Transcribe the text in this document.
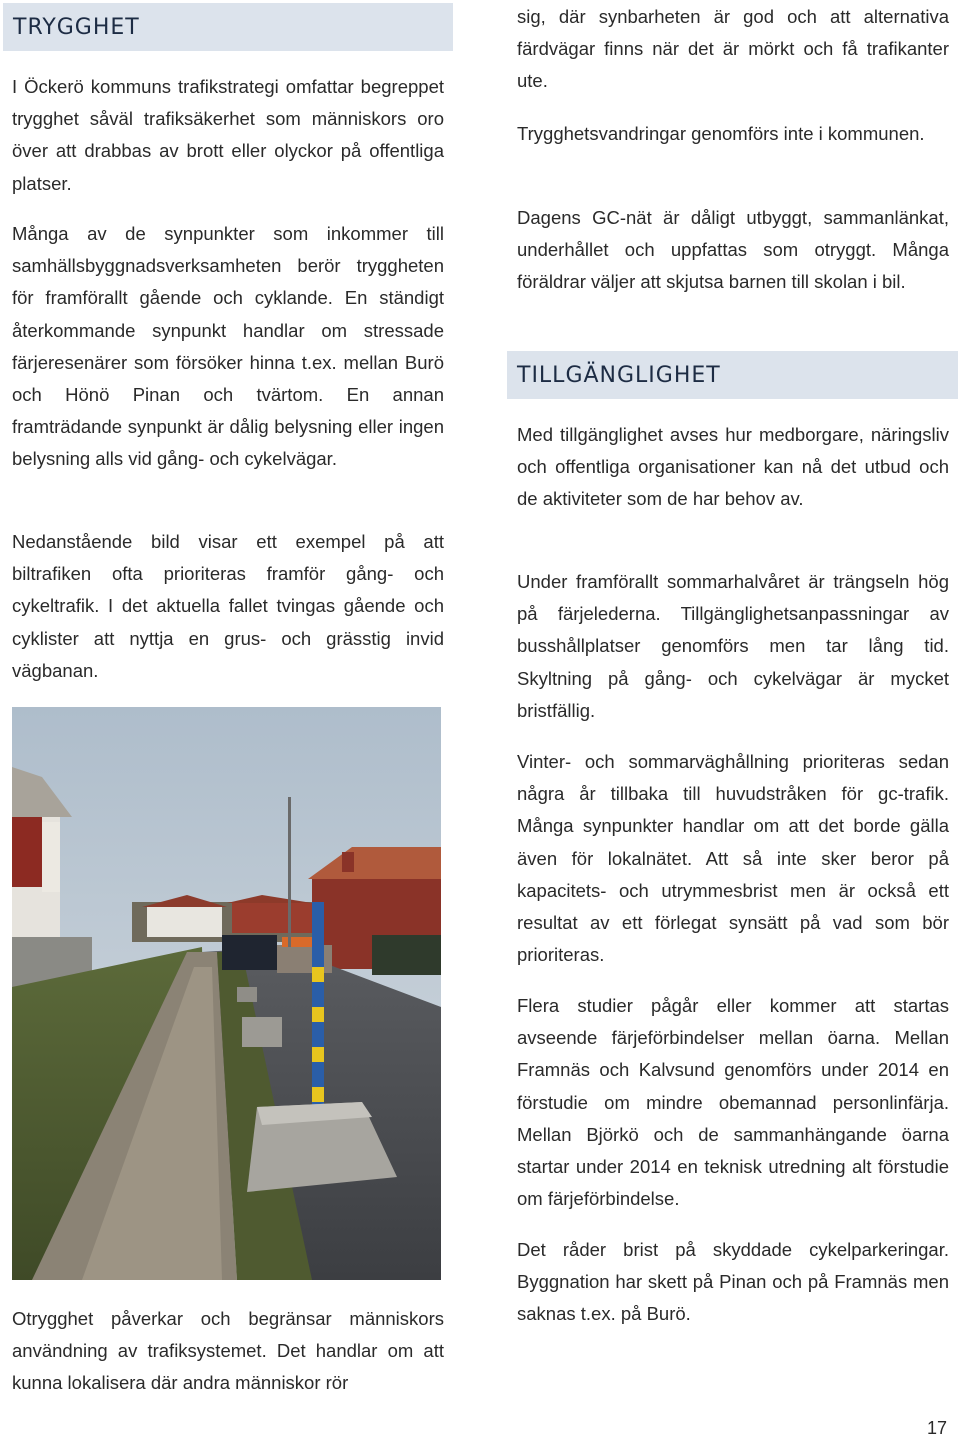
TRYGGHET

I Öckerö kommuns trafikstrategi omfattar begreppet trygghet såväl trafiksäkerhet som människors oro över att drabbas av brott eller olyckor på offentliga platser.

Många av de synpunkter som inkommer till samhällsbyggnadsverksamheten berör tryggheten för framförallt gående och cyklande. En ständigt återkommande synpunkt handlar om stressade färjeresenärer som försöker hinna t.ex. mellan Burö och Hönö Pinan och tvärtom. En annan framträdande synpunkt är dålig belysning eller ingen belysning alls vid gång- och cykelvägar.

Nedanstående bild visar ett exempel på att biltrafiken ofta prioriteras framför gång- och cykeltrafik. I det aktuella fallet tvingas gående och cyklister att nyttja en grus- och grässtig invid vägbanan.

Otrygghet påverkar och begränsar människors användning av trafiksystemet. Det handlar om att kunna lokalisera där andra människor rör

sig, där synbarheten är god och att alternativa färdvägar finns när det är mörkt och få trafikanter ute.

Trygghetsvandringar genomförs inte i kommunen.

Dagens GC-nät är dåligt utbyggt, sammanlänkat, underhållet och uppfattas som otryggt. Många föräldrar väljer att skjutsa barnen till skolan i bil.

TILLGÄNGLIGHET

Med tillgänglighet avses hur medborgare, näringsliv och offentliga organisationer kan nå det utbud och de aktiviteter som de har behov av.

Under framförallt sommarhalvåret är trängseln hög på färjelederna. Tillgänglighetsanpassningar av busshållplatser genomförs men tar lång tid. Skyltning på gång- och cykelvägar är mycket bristfällig.

Vinter- och sommarväghållning prioriteras sedan några år tillbaka till huvudstråken för gc-trafik. Många synpunkter handlar om att det borde gälla även för lokalnätet. Att så inte sker beror på kapacitets- och utrymmesbrist men är också ett resultat av ett förlegat synsätt på vad som bör prioriteras.

Flera studier pågår eller kommer att startas avseende färjeförbindelser mellan öarna. Mellan Framnäs och Kalvsund genomförs under 2014 en förstudie om mindre obemannad personlinfärja. Mellan Björkö och de sammanhängande öarna startar under 2014 en teknisk utredning alt förstudie om färjeförbindelse.

Det råder brist på skyddade cykelparkeringar. Byggnation har skett på Pinan och på Framnäs men saknas t.ex. på Burö.

17
